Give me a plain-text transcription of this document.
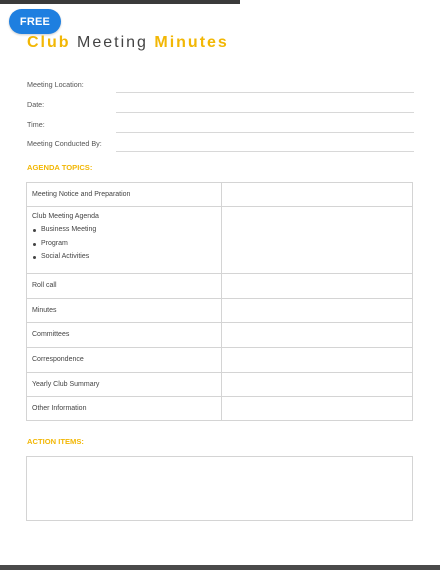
FREE
Club Meeting Minutes
Meeting Location:
Date:
Time:
Meeting Conducted By:
AGENDA TOPICS:
Meeting Notice and Preparation
Club Meeting Agenda
Business Meeting
Program
Social Activities
Roll call
Minutes
Committees
Correspondence
Yearly Club Summary
Other Information
ACTION ITEMS:
